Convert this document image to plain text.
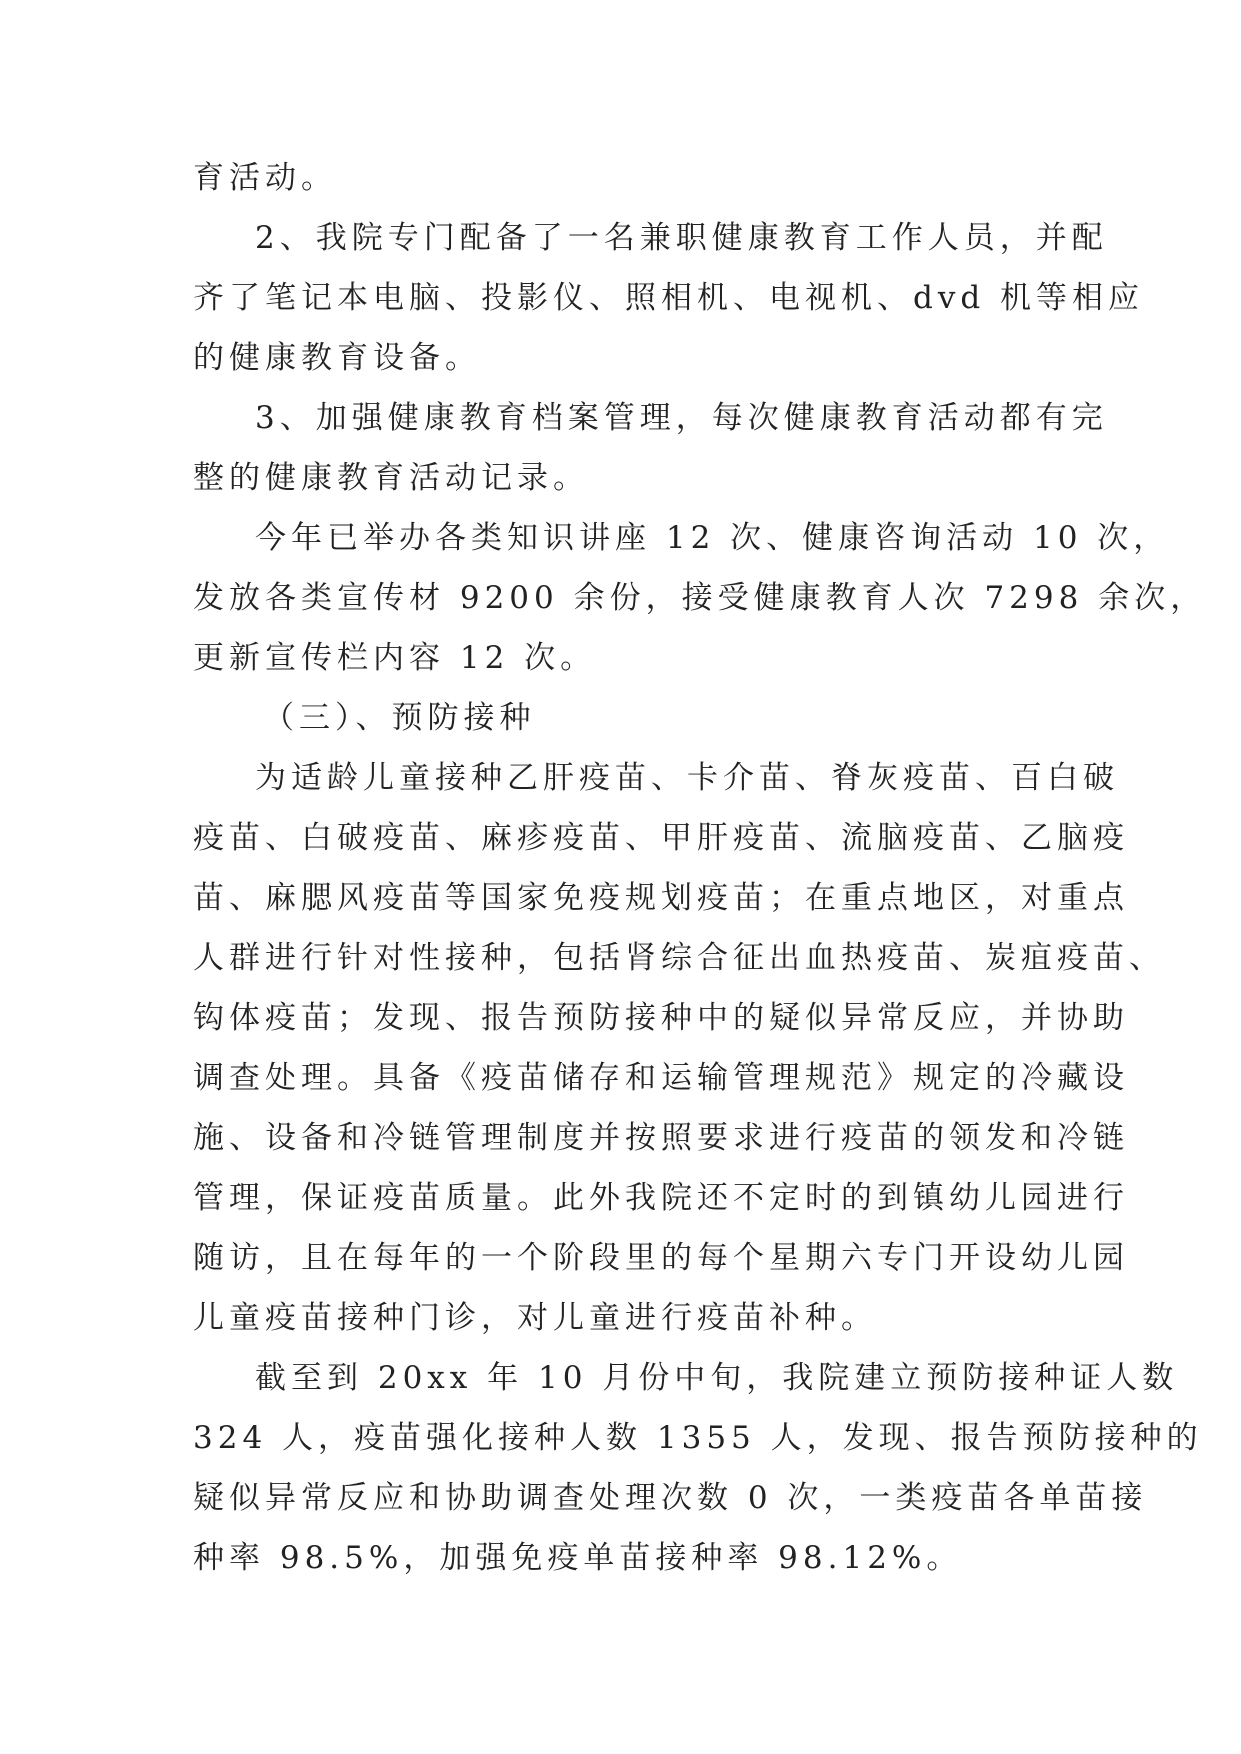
育活动。
2、我院专门配备了一名兼职健康教育工作人员，并配
齐了笔记本电脑、投影仪、照相机、电视机、dvd 机等相应
的健康教育设备。
3、加强健康教育档案管理，每次健康教育活动都有完
整的健康教育活动记录。
今年已举办各类知识讲座 12 次、健康咨询活动 10 次，
发放各类宣传材 9200 余份，接受健康教育人次 7298 余次，
更新宣传栏内容 12 次。
（三）、预防接种
为适龄儿童接种乙肝疫苗、卡介苗、脊灰疫苗、百白破
疫苗、白破疫苗、麻疹疫苗、甲肝疫苗、流脑疫苗、乙脑疫
苗、麻腮风疫苗等国家免疫规划疫苗；在重点地区，对重点
人群进行针对性接种，包括肾综合征出血热疫苗、炭疽疫苗、
钩体疫苗；发现、报告预防接种中的疑似异常反应，并协助
调查处理。具备《疫苗储存和运输管理规范》规定的冷藏设
施、设备和冷链管理制度并按照要求进行疫苗的领发和冷链
管理，保证疫苗质量。此外我院还不定时的到镇幼儿园进行
随访，且在每年的一个阶段里的每个星期六专门开设幼儿园
儿童疫苗接种门诊，对儿童进行疫苗补种。
截至到 20xx 年 10 月份中旬，我院建立预防接种证人数
324 人，疫苗强化接种人数 1355 人，发现、报告预防接种的
疑似异常反应和协助调查处理次数 0 次，一类疫苗各单苗接
种率 98.5%，加强免疫单苗接种率 98.12%。
